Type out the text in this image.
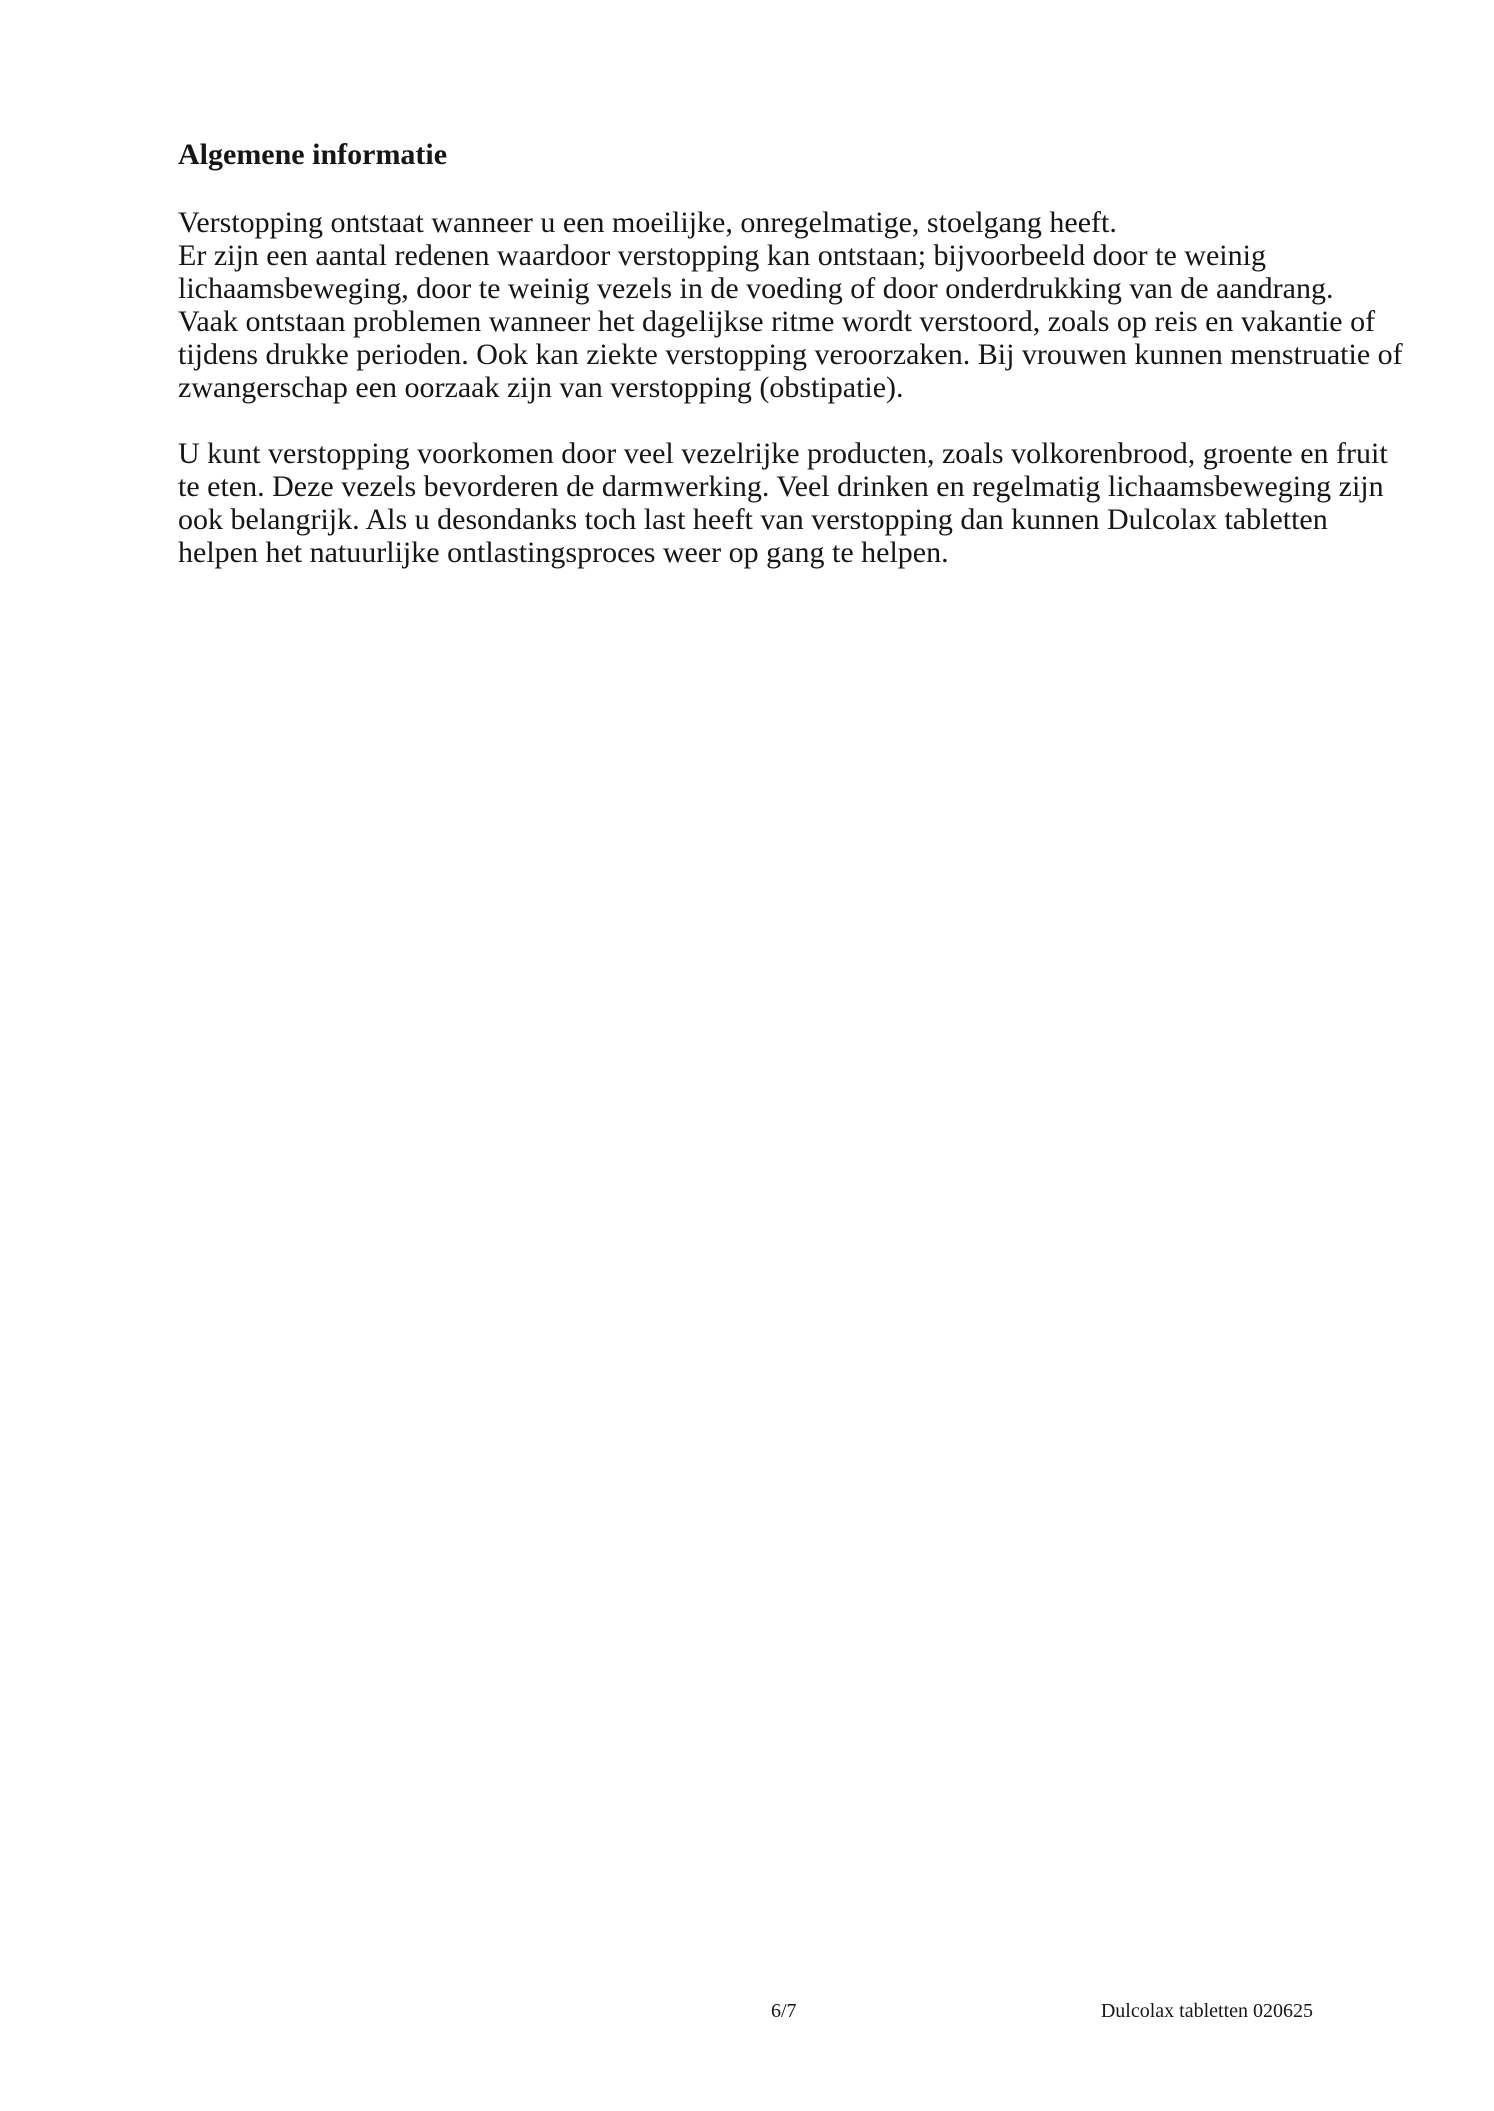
Algemene informatie
Verstopping ontstaat wanneer u een moeilijke, onregelmatige, stoelgang heeft.
Er zijn een aantal redenen waardoor verstopping kan ontstaan; bijvoorbeeld door te weinig
lichaamsbeweging, door te weinig vezels in de voeding of door onderdrukking van de aandrang.
Vaak ontstaan problemen wanneer het dagelijkse ritme wordt verstoord, zoals op reis en vakantie of
tijdens drukke perioden. Ook kan ziekte verstopping veroorzaken. Bij vrouwen kunnen menstruatie of
zwangerschap een oorzaak zijn van verstopping (obstipatie).
U kunt verstopping voorkomen door veel vezelrijke producten, zoals volkorenbrood, groente en fruit
te eten. Deze vezels bevorderen de darmwerking. Veel drinken en regelmatig lichaamsbeweging zijn
ook belangrijk. Als u desondanks toch last heeft van verstopping dan kunnen Dulcolax tabletten
helpen het natuurlijke ontlastingsproces weer op gang te helpen.
6/7	Dulcolax tabletten 020625
